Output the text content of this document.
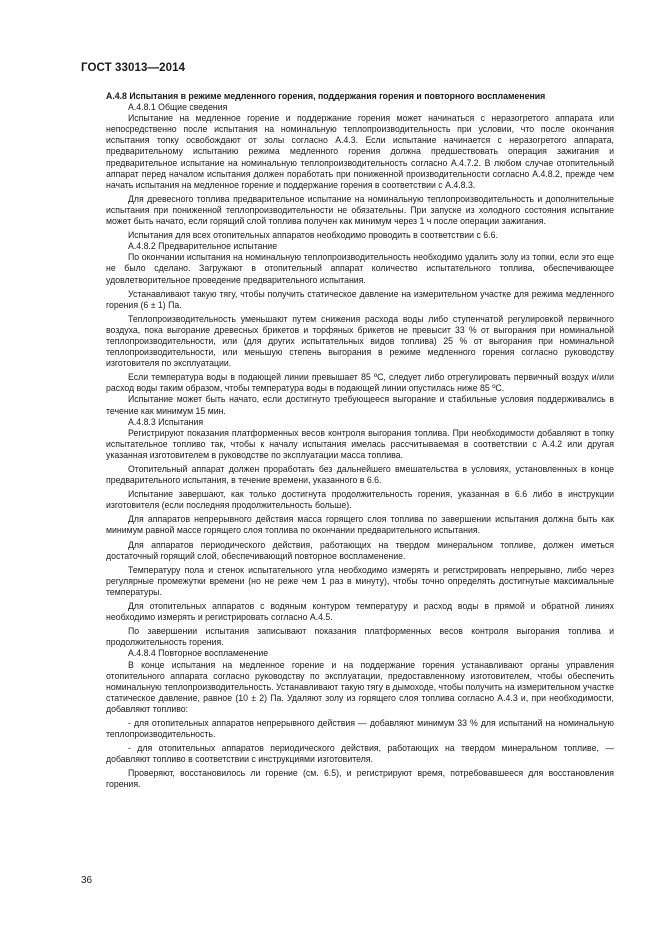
ГОСТ 33013—2014

А.4.8 Испытания в режиме медленного горения, поддержания горения и повторного воспламенения

А.4.8.1 Общие сведения

Испытание на медленное горение и поддержание горения может начинаться с неразогретого аппарата или непосредственно после испытания на номинальную теплопроизводительность при условии, что после окончания испытания топку освобождают от золы согласно А.4.3. Если испытание начинается с неразогретого аппарата, предварительному испытанию режима медленного горения должна предшествовать операция зажигания и предварительное испытание на номинальную теплопроизводительность согласно А.4.7.2. В любом случае отопительный аппарат перед началом испытания должен поработать при пониженной производительности согласно А.4.8.2, прежде чем начать испытания на медленное горение и поддержание горения в соответствии с А.4.8.3.

Для древесного топлива предварительное испытание на номинальную теплопроизводительность и дополнительные испытания при пониженной теплопроизводительности не обязательны. При запуске из холодного состояния испытание может быть начато, если горящий слой топлива получен как минимум через 1 ч после операции зажигания.

Испытания для всех отопительных аппаратов необходимо проводить в соответствии с 6.6.

А.4.8.2 Предварительное испытание

По окончании испытания на номинальную теплопроизводительность необходимо удалить золу из топки, если это еще не было сделано. Загружают в отопительный аппарат количество испытательного топлива, обеспечивающее удовлетворительное проведение предварительного испытания.

Устанавливают такую тягу, чтобы получить статическое давление на измерительном участке для режима медленного горения (6 ± 1) Па.

Теплопроизводительность уменьшают путем снижения расхода воды либо ступенчатой регулировкой первичного воздуха, пока выгорание древесных брикетов и торфяных брикетов не превысит 33 % от выгорания при номинальной теплопроизводительности, или (для других испытательных видов топлива) 25 % от выгорания при номинальной теплопроизводительности, или меньшую степень выгорания в режиме медленного горения согласно руководству изготовителя по эксплуатации.

Если температура воды в подающей линии превышает 85 ºC, следует либо отрегулировать первичный воздух и/или расход воды таким образом, чтобы температура воды в подающей линии опустилась ниже 85 ºC.

Испытание может быть начато, если достигнуто требующееся выгорание и стабильные условия поддерживались в течение как минимум 15 мин.

А.4.8.3 Испытания

Регистрируют показания платформенных весов контроля выгорания топлива. При необходимости добавляют в топку испытательное топливо так, чтобы к началу испытания имелась рассчитываемая в соответствии с А.4.2 или другая указанная изготовителем в руководстве по эксплуатации масса топлива.

Отопительный аппарат должен проработать без дальнейшего вмешательства в условиях, установленных в конце предварительного испытания, в течение времени, указанного в 6.6.

Испытание завершают, как только достигнута продолжительность горения, указанная в 6.6 либо в инструкции изготовителя (если последняя продолжительность больше).

Для аппаратов непрерывного действия масса горящего слоя топлива по завершении испытания должна быть как минимум равной массе горящего слоя топлива по окончании предварительного испытания.

Для аппаратов периодического действия, работающих на твердом минеральном топливе, должен иметься достаточный горящий слой, обеспечивающий повторное воспламенение.

Температуру пола и стенок испытательного угла необходимо измерять и регистрировать непрерывно, либо через регулярные промежутки времени (но не реже чем 1 раз в минуту), чтобы точно определять достигнутые максимальные температуры.

Для отопительных аппаратов с водяным контуром температуру и расход воды в прямой и обратной линиях необходимо измерять и регистрировать согласно А.4.5.

По завершении испытания записывают показания платформенных весов контроля выгорания топлива и продолжительность горения.

А.4.8.4 Повторное воспламенение

В конце испытания на медленное горение и на поддержание горения устанавливают органы управления отопительного аппарата согласно руководству по эксплуатации, предоставленному изготовителем, чтобы обеспечить номинальную теплопроизводительность. Устанавливают такую тягу в дымоходе, чтобы получить на измерительном участке статическое давление, равное (10 ± 2) Па. Удаляют золу из горящего слоя топлива согласно А.4.3 и, при необходимости, добавляют топливо:

- для отопительных аппаратов непрерывного действия — добавляют минимум 33 % для испытаний на номинальную теплопроизводительность.

- для отопительных аппаратов периодического действия, работающих на твердом минеральном топливе, — добавляют топливо в соответствии с инструкциями изготовителя.

Проверяют, восстановилось ли горение (см. 6.5), и регистрируют время, потребовавшееся для восстановления горения.

36
